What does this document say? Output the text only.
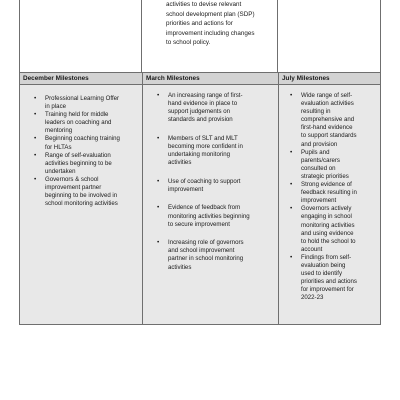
activities to devise relevant
school development plan (SDP)
priorities and actions for
improvement including changes
to school policy.
December Milestones	March Milestones	July Milestones
• Professional Learning Offer
in place
• Training held for middle
leaders on coaching and
mentoring
• Beginning coaching training
for HLTAs
• Range of self-evaluation
activities beginning to be
undertaken
• Governors & school
improvement partner
beginning to be involved in
school monitoring activities
• An increasing range of first-
hand evidence in place to
support judgements on
standards and provision
• Members of SLT and MLT
becoming more confident in
undertaking monitoring
activities
• Use of coaching to support
improvement
• Evidence of feedback from
monitoring activities beginning
to secure improvement
• Increasing role of governors
and school improvement
partner in school monitoring
activities
• Wide range of self-
evaluation activities
resulting in
comprehensive and
first-hand evidence
to support standards
and provision
• Pupils and
parents/carers
consulted on
strategic priorities
• Strong evidence of
feedback resulting in
improvement
• Governors actively
engaging in school
monitoring activities
and using evidence
to hold the school to
account
• Findings from self-
evaluation being
used to identify
priorities and actions
for improvement for
2022-23
